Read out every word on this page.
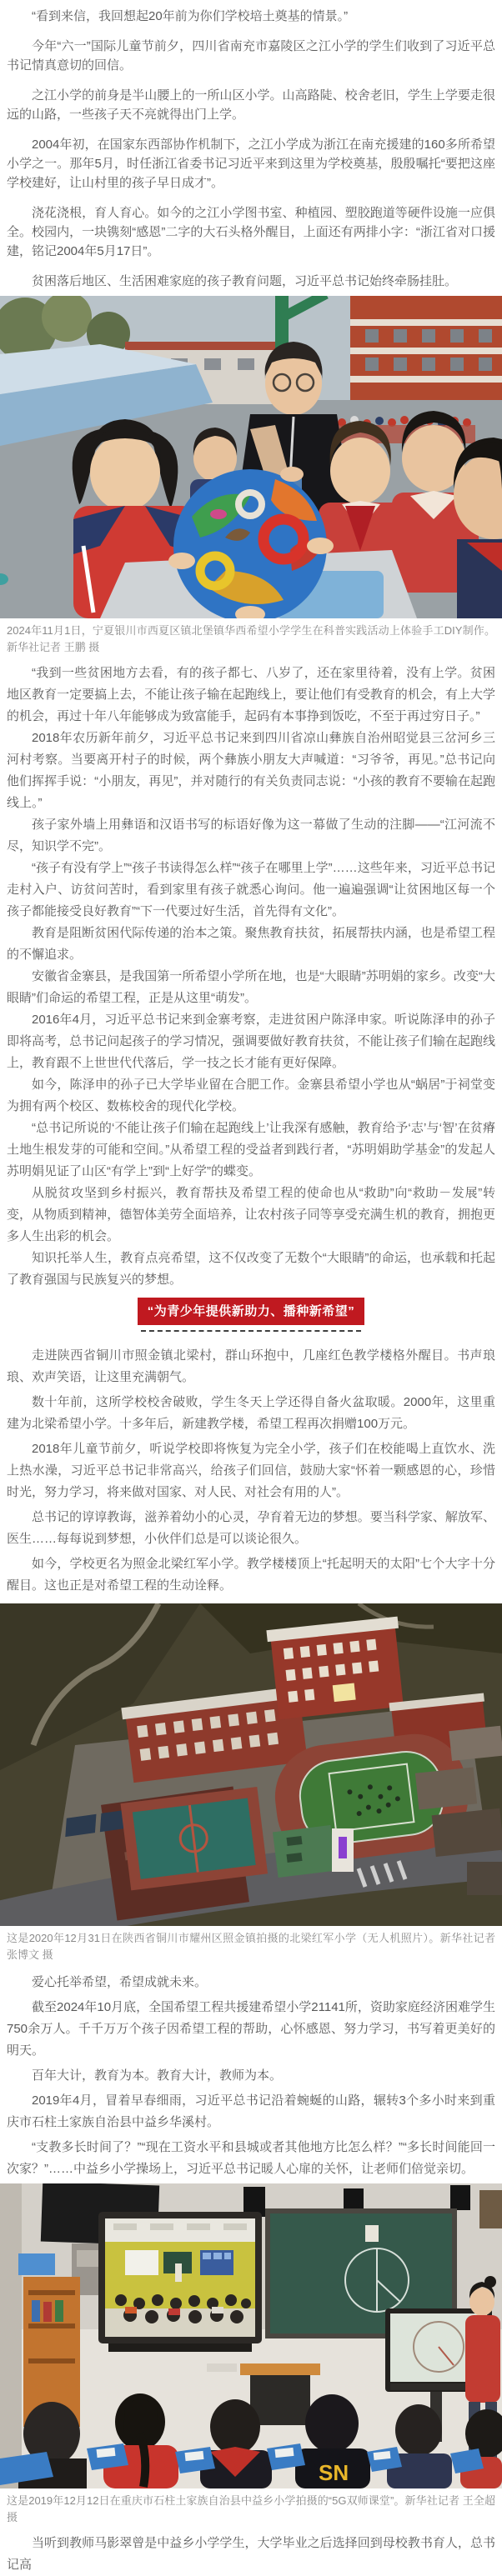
“看到来信，我回想起20年前为你们学校培土奠基的情景。”

今年“六一”国际儿童节前夕，四川省南充市嘉陵区之江小学的学生们收到了习近平总书记情真意切的回信。

之江小学的前身是半山腰上的一所山区小学。山高路陡、校舍老旧，学生上学要走很远的山路，一些孩子天不亮就得出门上学。

2004年初，在国家东西部协作机制下，之江小学成为浙江在南充援建的160多所希望小学之一。那年5月，时任浙江省委书记习近平来到这里为学校奠基，殷殷嘱托“要把这座学校建好，让山村里的孩子早日成才”。

浇花浇根，育人育心。如今的之江小学图书室、种植园、塑胶跑道等硬件设施一应俱全。校园内，一块镌刻“感恩”二字的大石头格外醒目，上面还有两排小字：“浙江省对口援建，铭记2004年5月17日”。

贫困落后地区、生活困难家庭的孩子教育问题，习近平总书记始终牵肠挂肚。

2024年11月1日，宁夏银川市西夏区镇北堡镇华西希望小学学生在科普实践活动上体验手工DIY制作。新华社记者 王鹏 摄

“我到一些贫困地方去看，有的孩子都七、八岁了，还在家里待着，没有上学。贫困地区教育一定要搞上去，不能让孩子输在起跑线上，要让他们有受教育的机会，有上大学的机会，再过十年八年能够成为致富能手，起码有本事挣到饭吃，不至于再过穷日子。”

2018年农历新年前夕，习近平总书记来到四川省凉山彝族自治州昭觉县三岔河乡三河村考察。当要离开村子的时候，两个彝族小朋友大声喊道：“习爷爷，再见。”总书记向他们挥挥手说：“小朋友，再见”，并对随行的有关负责同志说：“小孩的教育不要输在起跑线上。”

孩子家外墙上用彝语和汉语书写的标语好像为这一幕做了生动的注脚——“江河流不尽，知识学不完”。

“孩子有没有学上”“孩子书读得怎么样”“孩子在哪里上学”……这些年来，习近平总书记走村入户、访贫问苦时，看到家里有孩子就悉心询问。他一遍遍强调“让贫困地区每一个孩子都能接受良好教育”“下一代要过好生活，首先得有文化”。

教育是阻断贫困代际传递的治本之策。聚焦教育扶贫，拓展帮扶内涵，也是希望工程的不懈追求。

安徽省金寨县，是我国第一所希望小学所在地，也是“大眼睛”苏明娟的家乡。改变“大眼睛”们命运的希望工程，正是从这里“萌发”。

2016年4月，习近平总书记来到金寨考察，走进贫困户陈泽申家。听说陈泽申的孙子即将高考，总书记问起孩子的学习情况，强调要做好教育扶贫，不能让孩子们输在起跑线上，教育跟不上世世代代落后，学一技之长才能有更好保障。

如今，陈泽申的孙子已大学毕业留在合肥工作。金寨县希望小学也从“蜗居”于祠堂变为拥有两个校区、数栋校舍的现代化学校。

“总书记所说的‘不能让孩子们输在起跑线上’让我深有感触，教育给予‘志’与‘智’在贫瘠土地生根发芽的可能和空间。”从希望工程的受益者到践行者，“苏明娟助学基金”的发起人苏明娟见证了山区“有学上”到“上好学”的蝶变。

从脱贫攻坚到乡村振兴，教育帮扶及希望工程的使命也从“救助”向“救助－发展”转变，从物质到精神，德智体美劳全面培养，让农村孩子同等享受充满生机的教育，拥抱更多人生出彩的机会。

知识托举人生，教育点亮希望，这不仅改变了无数个“大眼睛”的命运，也承载和托起了教育强国与民族复兴的梦想。

“为青少年提供新助力、播种新希望”

走进陕西省铜川市照金镇北梁村，群山环抱中，几座红色教学楼格外醒目。书声琅琅、欢声笑语，让这里充满朝气。

数十年前，这所学校校舍破败，学生冬天上学还得自备火盆取暖。2000年，这里重建为北梁希望小学。十多年后，新建教学楼，希望工程再次捐赠100万元。

2018年儿童节前夕，听说学校即将恢复为完全小学，孩子们在校能喝上直饮水、洗上热水澡，习近平总书记非常高兴，给孩子们回信，鼓励大家“怀着一颗感恩的心，珍惜时光，努力学习，将来做对国家、对人民、对社会有用的人”。

总书记的谆谆教诲，滋养着幼小的心灵，孕育着无边的梦想。要当科学家、解放军、医生……每每说到梦想，小伙伴们总是可以谈论很久。

如今，学校更名为照金北梁红军小学。教学楼楼顶上“托起明天的太阳”七个大字十分醒目。这也正是对希望工程的生动诠释。

这是2020年12月31日在陕西省铜川市耀州区照金镇拍摄的北梁红军小学（无人机照片）。新华社记者 张博文 摄

爱心托举希望，希望成就未来。

截至2024年10月底，全国希望工程共援建希望小学21141所，资助家庭经济困难学生750余万人。千千万万个孩子因希望工程的帮助，心怀感恩、努力学习，书写着更美好的明天。

百年大计，教育为本。教育大计，教师为本。

2019年4月，冒着早春细雨，习近平总书记沿着蜿蜒的山路，辗转3个多小时来到重庆市石柱土家族自治县中益乡华溪村。

“支教多长时间了？”“现在工资水平和县城或者其他地方比怎么样？”“多长时间能回一次家？”……中益乡小学操场上，习近平总书记暖人心扉的关怀，让老师们倍觉亲切。

SN

这是2019年12月12日在重庆市石柱土家族自治县中益乡小学拍摄的“5G双师课堂”。新华社记者 王全超 摄

当听到教师马影翠曾是中益乡小学学生，大学毕业之后选择回到母校教书育人，总书记高
